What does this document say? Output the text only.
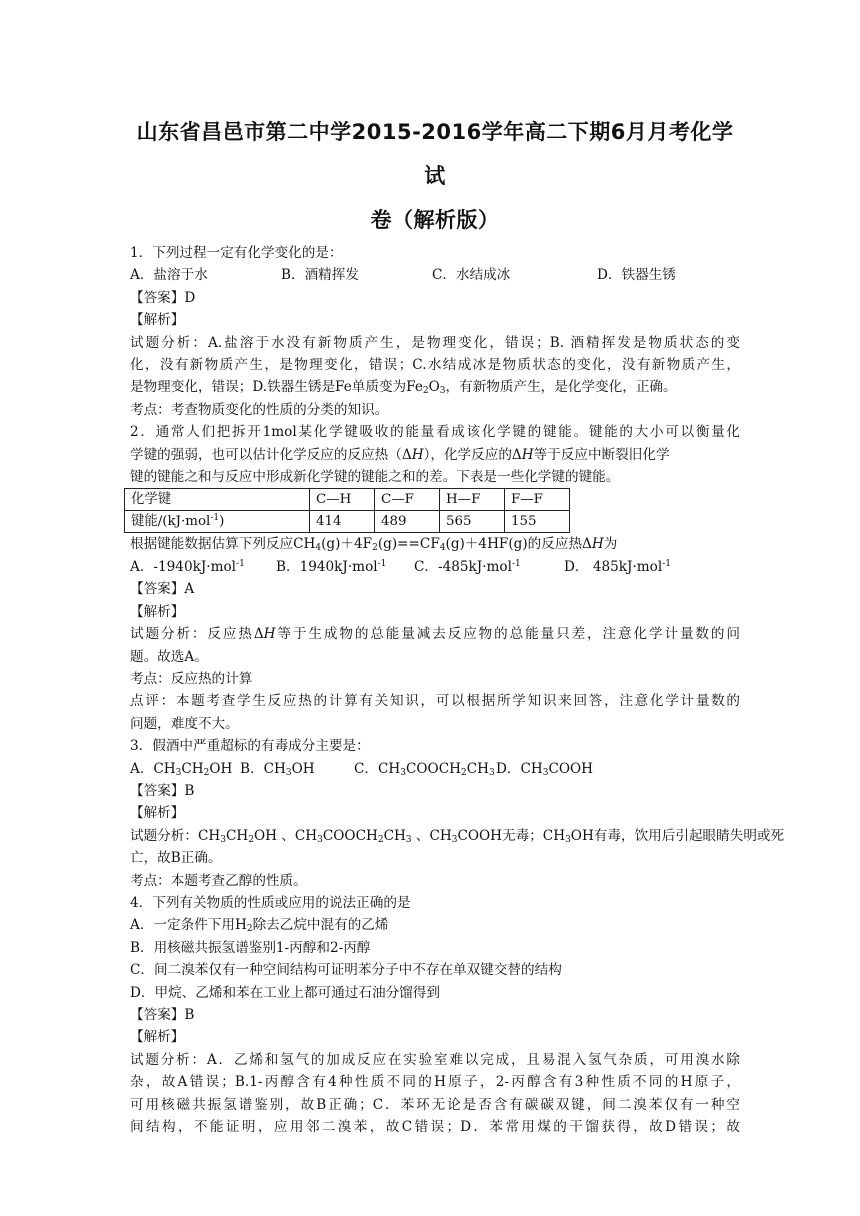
山东省昌邑市第二中学2015-2016学年高二下期6月月考化学试
卷（解析版）
1．下列过程一定有化学变化的是：
A．盐溶于水	B．酒精挥发	C．水结成冰	D．铁器生锈
【答案】D
【解析】
试题分析：A.盐溶于水没有新物质产生，是物理变化，错误；B. 酒精挥发是物质状态的变
化，没有新物质产生，是物理变化，错误；C.水结成冰是物质状态的变化，没有新物质产生，
是物理变化，错误；D.铁器生锈是Fe单质变为$Fe_2O_3$，有新物质产生，是化学变化，正确。
考点：考查物质变化的性质的分类的知识。
2．通常人们把拆开1mol某化学键吸收的能量看成该化学键的键能。键能的大小可以衡量化
学键的强弱，也可以估计化学反应的反应热（ΔH），化学反应的ΔH等于反应中断裂旧化学
键的键能之和与反应中形成新化学键的键能之和的差。下表是一些化学键的键能。
化学键	C—H	C—F	H—F	F—F
键能/(kJ·mol$^{-1}$)	414	489	565	155
根据键能数据估算下列反应$CH_4(g)+4F_2(g)==CF_4(g)+4HF(g)$的反应热ΔH为
A．-1940kJ·mol$^{-1}$	B．1940kJ·mol$^{-1}$	C．-485kJ·mol$^{-1}$	D． 485kJ·mol$^{-1}$
【答案】A
【解析】
试题分析：反应热ΔH等于生成物的总能量减去反应物的总能量只差，注意化学计量数的问
题。故选A。
考点：反应热的计算
点评：本题考查学生反应热的计算有关知识，可以根据所学知识来回答，注意化学计量数的
问题，难度不大。
3．假酒中严重超标的有毒成分主要是：
A．$CH_3CH_2OH$ B．$CH_3OH$	C．$CH_3COOCH_2CH_3$ D．$CH_3COOH$
【答案】B
【解析】
试题分析：$CH_3CH_2OH$ 、$CH_3COOCH_2CH_3$ 、$CH_3COOH$无毒；$CH_3OH$有毒，饮用后引起眼睛失明或死
亡，故B正确。
考点：本题考查乙醇的性质。
4．下列有关物质的性质或应用的说法正确的是
A．一定条件下用$H_2$除去乙烷中混有的乙烯
B．用核磁共振氢谱鉴别1-丙醇和2-丙醇
C．间二溴苯仅有一种空间结构可证明苯分子中不存在单双键交替的结构
D．甲烷、乙烯和苯在工业上都可通过石油分馏得到
【答案】B
【解析】
试题分析：A．乙烯和氢气的加成反应在实验室难以完成，且易混入氢气杂质，可用溴水除
杂，故A错误；B.1-丙醇含有4种性质不同的H原子，2-丙醇含有3种性质不同的H原子，
可用核磁共振氢谱鉴别，故B正确；C．苯环无论是否含有碳碳双键，间二溴苯仅有一种空
间结构，不能证明，应用邻二溴苯，故C错误；D．苯常用煤的干馏获得，故D错误；故
